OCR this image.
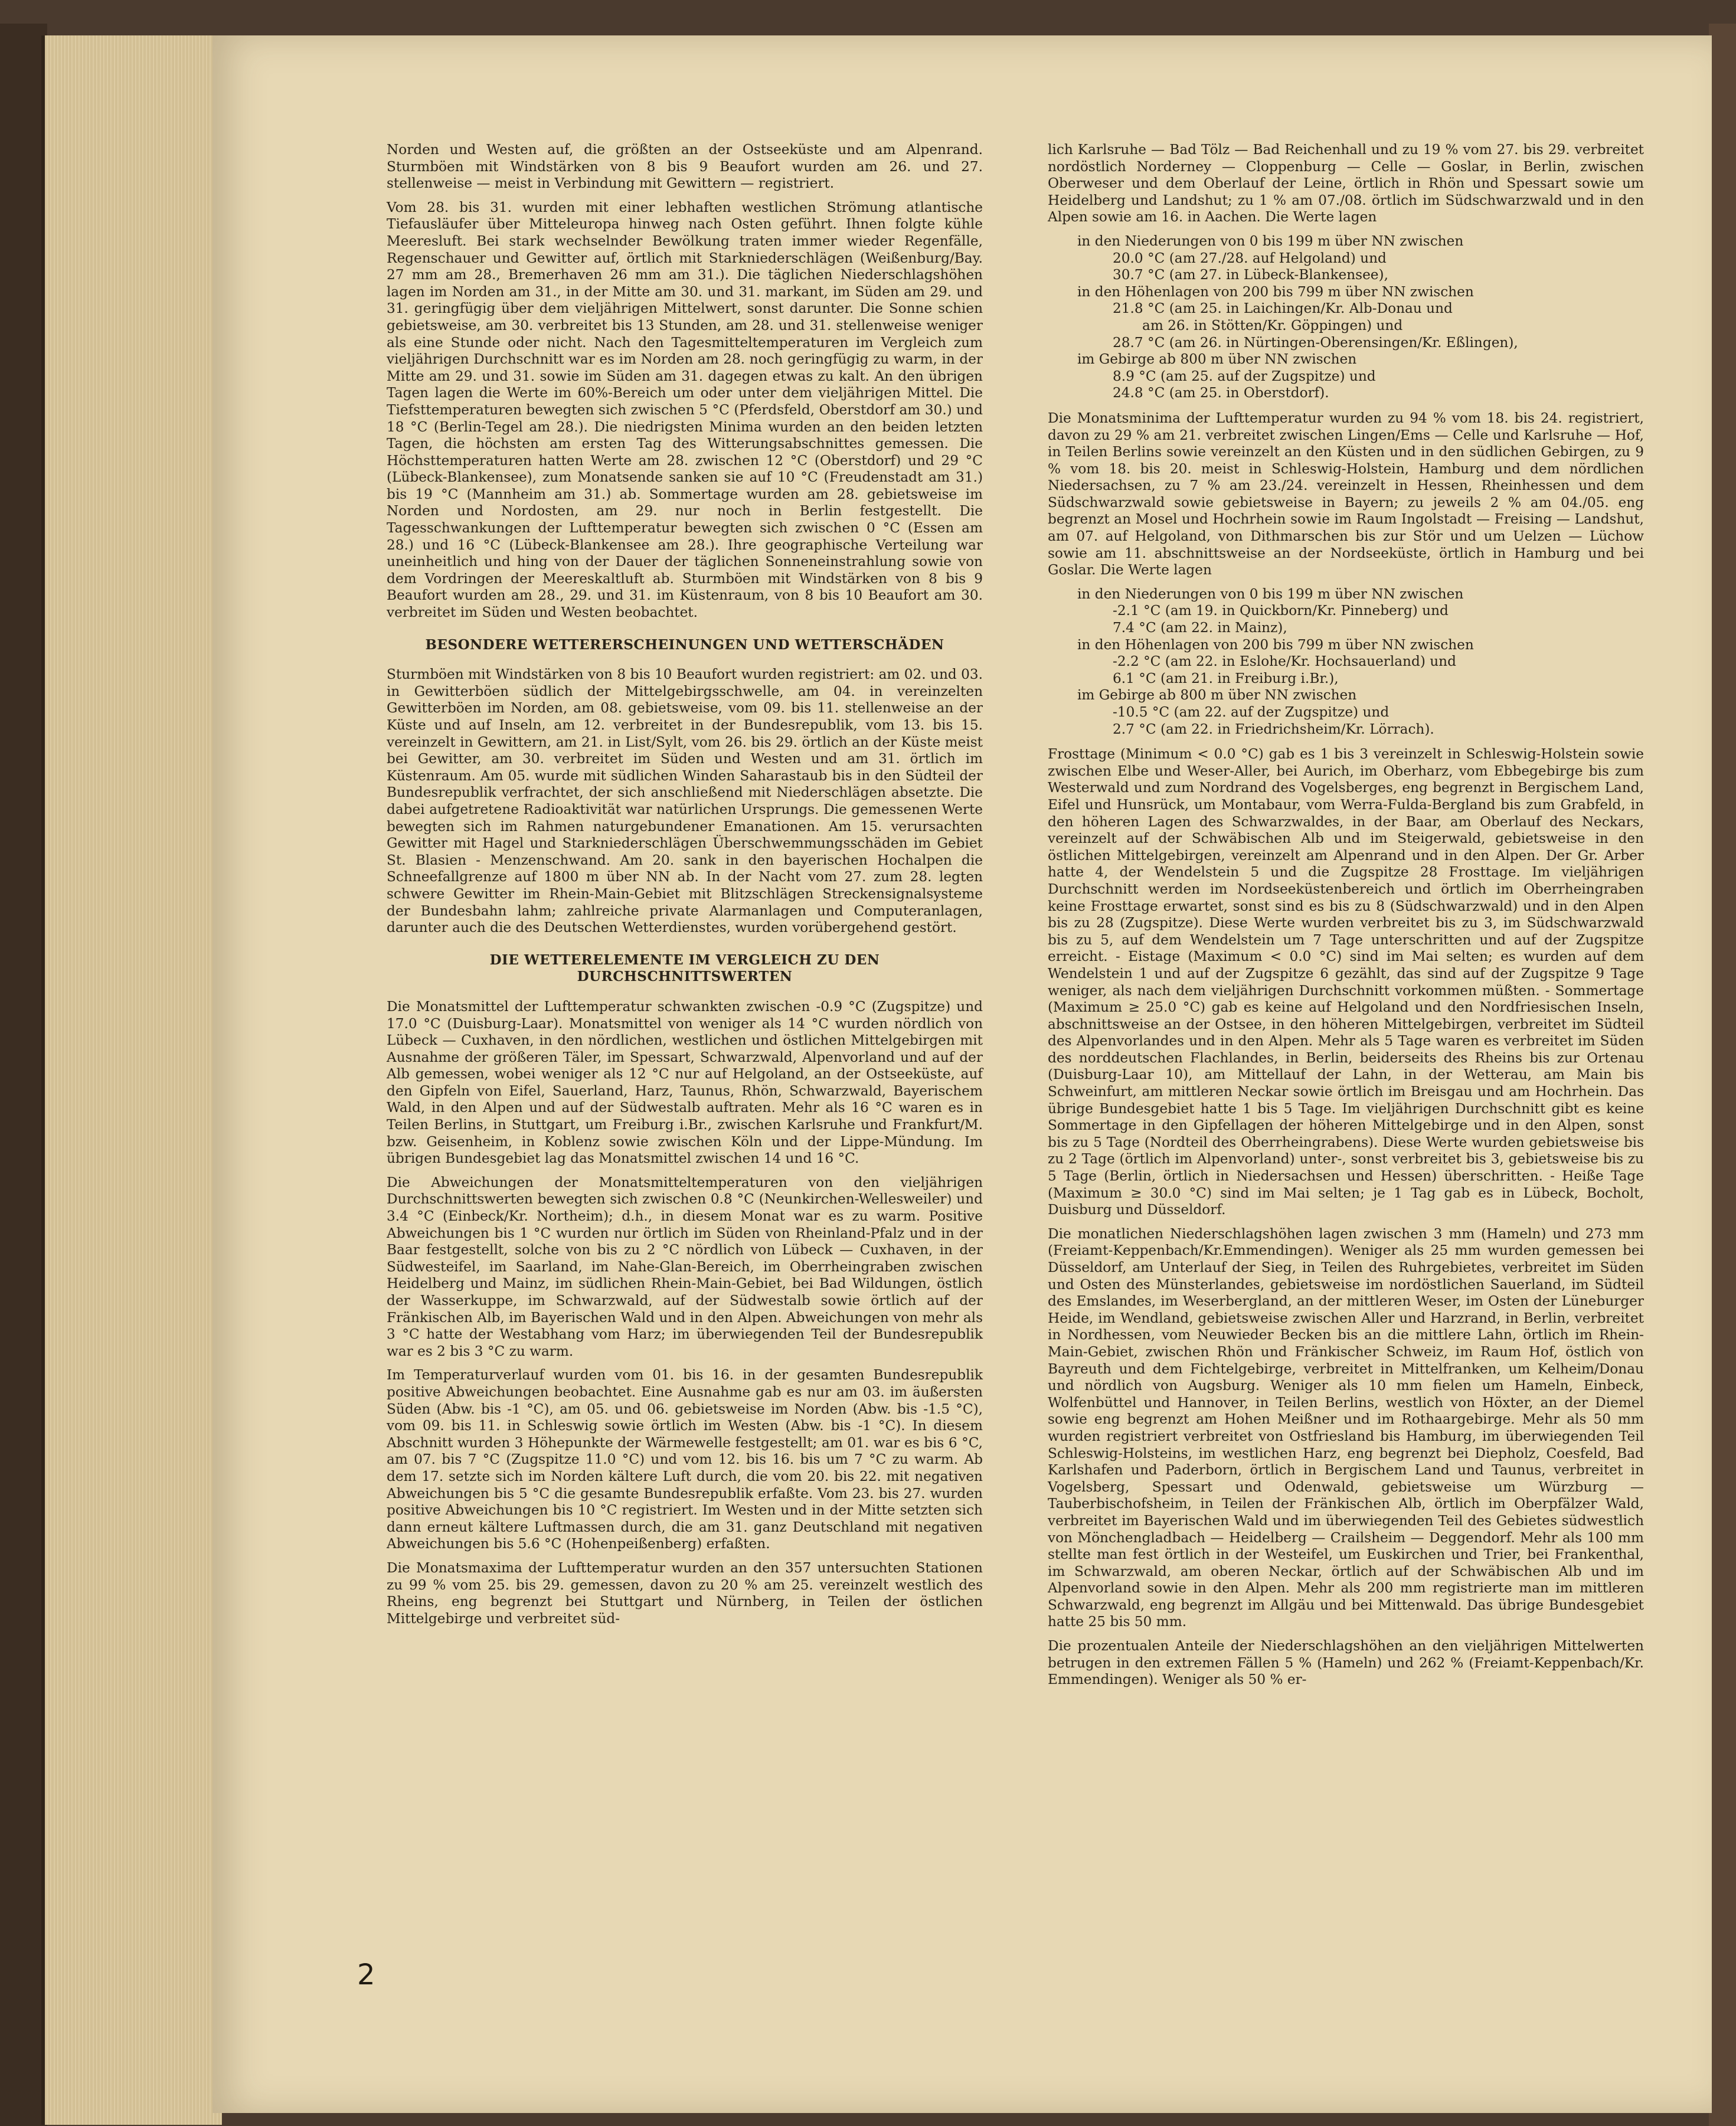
Norden und Westen auf, die größten an der Ostseeküste und am Alpenrand. Sturmböen mit Windstärken von 8 bis 9 Beaufort wurden am 26. und 27. stellenweise — meist in Verbindung mit Gewittern — registriert.

Vom 28. bis 31. wurden mit einer lebhaften westlichen Strömung atlantische Tiefausläufer über Mitteleuropa hinweg nach Osten geführt. Ihnen folgte kühle Meeresluft. Bei stark wechselnder Bewölkung traten immer wieder Regenfälle, Regenschauer und Gewitter auf, örtlich mit Starkniederschlägen (Weißenburg/Bay. 27 mm am 28., Bremerhaven 26 mm am 31.). Die täglichen Niederschlagshöhen lagen im Norden am 31., in der Mitte am 30. und 31. markant, im Süden am 29. und 31. geringfügig über dem vieljährigen Mittelwert, sonst darunter. Die Sonne schien gebietsweise, am 30. verbreitet bis 13 Stunden, am 28. und 31. stellenweise weniger als eine Stunde oder nicht. Nach den Tagesmitteltemperaturen im Vergleich zum vieljährigen Durchschnitt war es im Norden am 28. noch geringfügig zu warm, in der Mitte am 29. und 31. sowie im Süden am 31. dagegen etwas zu kalt. An den übrigen Tagen lagen die Werte im 60%-Bereich um oder unter dem vieljährigen Mittel. Die Tiefsttemperaturen bewegten sich zwischen 5 °C (Pferdsfeld, Oberstdorf am 30.) und 18 °C (Berlin-Tegel am 28.). Die niedrigsten Minima wurden an den beiden letzten Tagen, die höchsten am ersten Tag des Witterungsabschnittes gemessen. Die Höchsttemperaturen hatten Werte am 28. zwischen 12 °C (Oberstdorf) und 29 °C (Lübeck-Blankensee), zum Monatsende sanken sie auf 10 °C (Freudenstadt am 31.) bis 19 °C (Mannheim am 31.) ab. Sommertage wurden am 28. gebietsweise im Norden und Nordosten, am 29. nur noch in Berlin festgestellt. Die Tagesschwankungen der Lufttemperatur bewegten sich zwischen 0 °C (Essen am 28.) und 16 °C (Lübeck-Blankensee am 28.). Ihre geographische Verteilung war uneinheitlich und hing von der Dauer der täglichen Sonneneinstrahlung sowie von dem Vordringen der Meereskaltluft ab. Sturmböen mit Windstärken von 8 bis 9 Beaufort wurden am 28., 29. und 31. im Küstenraum, von 8 bis 10 Beaufort am 30. verbreitet im Süden und Westen beobachtet.

BESONDERE WETTERERSCHEINUNGEN UND WETTERSCHÄDEN

Sturmböen mit Windstärken von 8 bis 10 Beaufort wurden registriert: am 02. und 03. in Gewitterböen südlich der Mittelgebirgsschwelle, am 04. in vereinzelten Gewitterböen im Norden, am 08. gebietsweise, vom 09. bis 11. stellenweise an der Küste und auf Inseln, am 12. verbreitet in der Bundesrepublik, vom 13. bis 15. vereinzelt in Gewittern, am 21. in List/Sylt, vom 26. bis 29. örtlich an der Küste meist bei Gewitter, am 30. verbreitet im Süden und Westen und am 31. örtlich im Küstenraum. Am 05. wurde mit südlichen Winden Saharastaub bis in den Südteil der Bundesrepublik verfrachtet, der sich anschließend mit Niederschlägen absetzte. Die dabei aufgetretene Radioaktivität war natürlichen Ursprungs. Die gemessenen Werte bewegten sich im Rahmen naturgebundener Emanationen. Am 15. verursachten Gewitter mit Hagel und Starkniederschlägen Überschwemmungsschäden im Gebiet St. Blasien - Menzenschwand. Am 20. sank in den bayerischen Hochalpen die Schneefallgrenze auf 1800 m über NN ab. In der Nacht vom 27. zum 28. legten schwere Gewitter im Rhein-Main-Gebiet mit Blitzschlägen Streckensignalsysteme der Bundesbahn lahm; zahlreiche private Alarmanlagen und Computeranlagen, darunter auch die des Deutschen Wetterdienstes, wurden vorübergehend gestört.

DIE WETTERELEMENTE IM VERGLEICH ZU DEN DURCHSCHNITTSWERTEN

Die Monatsmittel der Lufttemperatur schwankten zwischen -0.9 °C (Zugspitze) und 17.0 °C (Duisburg-Laar). Monatsmittel von weniger als 14 °C wurden nördlich von Lübeck — Cuxhaven, in den nördlichen, westlichen und östlichen Mittelgebirgen mit Ausnahme der größeren Täler, im Spessart, Schwarzwald, Alpenvorland und auf der Alb gemessen, wobei weniger als 12 °C nur auf Helgoland, an der Ostseeküste, auf den Gipfeln von Eifel, Sauerland, Harz, Taunus, Rhön, Schwarzwald, Bayerischem Wald, in den Alpen und auf der Südwestalb auftraten. Mehr als 16 °C waren es in Teilen Berlins, in Stuttgart, um Freiburg i.Br., zwischen Karlsruhe und Frankfurt/M. bzw. Geisenheim, in Koblenz sowie zwischen Köln und der Lippe-Mündung. Im übrigen Bundesgebiet lag das Monatsmittel zwischen 14 und 16 °C.

Die Abweichungen der Monatsmitteltemperaturen von den vieljährigen Durchschnittswerten bewegten sich zwischen 0.8 °C (Neunkirchen-Wellesweiler) und 3.4 °C (Einbeck/Kr. Northeim); d.h., in diesem Monat war es zu warm. Positive Abweichungen bis 1 °C wurden nur örtlich im Süden von Rheinland-Pfalz und in der Baar festgestellt, solche von bis zu 2 °C nördlich von Lübeck — Cuxhaven, in der Südwesteifel, im Saarland, im Nahe-Glan-Bereich, im Oberrheingraben zwischen Heidelberg und Mainz, im südlichen Rhein-Main-Gebiet, bei Bad Wildungen, östlich der Wasserkuppe, im Schwarzwald, auf der Südwestalb sowie örtlich auf der Fränkischen Alb, im Bayerischen Wald und in den Alpen. Abweichungen von mehr als 3 °C hatte der Westabhang vom Harz; im überwiegenden Teil der Bundesrepublik war es 2 bis 3 °C zu warm.

Im Temperaturverlauf wurden vom 01. bis 16. in der gesamten Bundesrepublik positive Abweichungen beobachtet. Eine Ausnahme gab es nur am 03. im äußersten Süden (Abw. bis -1 °C), am 05. und 06. gebietsweise im Norden (Abw. bis -1.5 °C), vom 09. bis 11. in Schleswig sowie örtlich im Westen (Abw. bis -1 °C). In diesem Abschnitt wurden 3 Höhepunkte der Wärmewelle festgestellt; am 01. war es bis 6 °C, am 07. bis 7 °C (Zugspitze 11.0 °C) und vom 12. bis 16. bis um 7 °C zu warm. Ab dem 17. setzte sich im Norden kältere Luft durch, die vom 20. bis 22. mit negativen Abweichungen bis 5 °C die gesamte Bundesrepublik erfaßte. Vom 23. bis 27. wurden positive Abweichungen bis 10 °C registriert. Im Westen und in der Mitte setzten sich dann erneut kältere Luftmassen durch, die am 31. ganz Deutschland mit negativen Abweichungen bis 5.6 °C (Hohenpeißenberg) erfaßten.

Die Monatsmaxima der Lufttemperatur wurden an den 357 untersuchten Stationen zu 99 % vom 25. bis 29. gemessen, davon zu 20 % am 25. vereinzelt westlich des Rheins, eng begrenzt bei Stuttgart und Nürnberg, in Teilen der östlichen Mittelgebirge und verbreitet süd-

lich Karlsruhe — Bad Tölz — Bad Reichenhall und zu 19 % vom 27. bis 29. verbreitet nordöstlich Norderney — Cloppenburg — Celle — Goslar, in Berlin, zwischen Oberweser und dem Oberlauf der Leine, örtlich in Rhön und Spessart sowie um Heidelberg und Landshut; zu 1 % am 07./08. örtlich im Südschwarzwald und in den Alpen sowie am 16. in Aachen. Die Werte lagen

in den Niederungen von 0 bis 199 m über NN zwischen
20.0 °C (am 27./28. auf Helgoland) und
30.7 °C (am 27. in Lübeck-Blankensee),
in den Höhenlagen von 200 bis 799 m über NN zwischen
21.8 °C (am 25. in Laichingen/Kr. Alb-Donau und
am 26. in Stötten/Kr. Göppingen) und
28.7 °C (am 26. in Nürtingen-Oberensingen/Kr. Eßlingen),
im Gebirge ab 800 m über NN zwischen
8.9 °C (am 25. auf der Zugspitze) und
24.8 °C (am 25. in Oberstdorf).

Die Monatsminima der Lufttemperatur wurden zu 94 % vom 18. bis 24. registriert, davon zu 29 % am 21. verbreitet zwischen Lingen/Ems — Celle und Karlsruhe — Hof, in Teilen Berlins sowie vereinzelt an den Küsten und in den südlichen Gebirgen, zu 9 % vom 18. bis 20. meist in Schleswig-Holstein, Hamburg und dem nördlichen Niedersachsen, zu 7 % am 23./24. vereinzelt in Hessen, Rheinhessen und dem Südschwarzwald sowie gebietsweise in Bayern; zu jeweils 2 % am 04./05. eng begrenzt an Mosel und Hochrhein sowie im Raum Ingolstadt — Freising — Landshut, am 07. auf Helgoland, von Dithmarschen bis zur Stör und um Uelzen — Lüchow sowie am 11. abschnittsweise an der Nordseeküste, örtlich in Hamburg und bei Goslar. Die Werte lagen

in den Niederungen von 0 bis 199 m über NN zwischen
-2.1 °C (am 19. in Quickborn/Kr. Pinneberg) und
7.4 °C (am 22. in Mainz),
in den Höhenlagen von 200 bis 799 m über NN zwischen
-2.2 °C (am 22. in Eslohe/Kr. Hochsauerland) und
6.1 °C (am 21. in Freiburg i.Br.),
im Gebirge ab 800 m über NN zwischen
-10.5 °C (am 22. auf der Zugspitze) und
2.7 °C (am 22. in Friedrichsheim/Kr. Lörrach).

Frosttage (Minimum < 0.0 °C) gab es 1 bis 3 vereinzelt in Schleswig-Holstein sowie zwischen Elbe und Weser-Aller, bei Aurich, im Oberharz, vom Ebbegebirge bis zum Westerwald und zum Nordrand des Vogelsberges, eng begrenzt in Bergischem Land, Eifel und Hunsrück, um Montabaur, vom Werra-Fulda-Bergland bis zum Grabfeld, in den höheren Lagen des Schwarzwaldes, in der Baar, am Oberlauf des Neckars, vereinzelt auf der Schwäbischen Alb und im Steigerwald, gebietsweise in den östlichen Mittelgebirgen, vereinzelt am Alpenrand und in den Alpen. Der Gr. Arber hatte 4, der Wendelstein 5 und die Zugspitze 28 Frosttage. Im vieljährigen Durchschnitt werden im Nordseeküstenbereich und örtlich im Oberrheingraben keine Frosttage erwartet, sonst sind es bis zu 8 (Südschwarzwald) und in den Alpen bis zu 28 (Zugspitze). Diese Werte wurden verbreitet bis zu 3, im Südschwarzwald bis zu 5, auf dem Wendelstein um 7 Tage unterschritten und auf der Zugspitze erreicht. - Eistage (Maximum < 0.0 °C) sind im Mai selten; es wurden auf dem Wendelstein 1 und auf der Zugspitze 6 gezählt, das sind auf der Zugspitze 9 Tage weniger, als nach dem vieljährigen Durchschnitt vorkommen müßten. - Sommertage (Maximum ≥ 25.0 °C) gab es keine auf Helgoland und den Nordfriesischen Inseln, abschnittsweise an der Ostsee, in den höheren Mittelgebirgen, verbreitet im Südteil des Alpenvorlandes und in den Alpen. Mehr als 5 Tage waren es verbreitet im Süden des norddeutschen Flachlandes, in Berlin, beiderseits des Rheins bis zur Ortenau (Duisburg-Laar 10), am Mittellauf der Lahn, in der Wetterau, am Main bis Schweinfurt, am mittleren Neckar sowie örtlich im Breisgau und am Hochrhein. Das übrige Bundesgebiet hatte 1 bis 5 Tage. Im vieljährigen Durchschnitt gibt es keine Sommertage in den Gipfellagen der höheren Mittelgebirge und in den Alpen, sonst bis zu 5 Tage (Nordteil des Oberrheingrabens). Diese Werte wurden gebietsweise bis zu 2 Tage (örtlich im Alpenvorland) unter-, sonst verbreitet bis 3, gebietsweise bis zu 5 Tage (Berlin, örtlich in Niedersachsen und Hessen) überschritten. - Heiße Tage (Maximum ≥ 30.0 °C) sind im Mai selten; je 1 Tag gab es in Lübeck, Bocholt, Duisburg und Düsseldorf.

Die monatlichen Niederschlagshöhen lagen zwischen 3 mm (Hameln) und 273 mm (Freiamt-Keppenbach/Kr.Emmendingen). Weniger als 25 mm wurden gemessen bei Düsseldorf, am Unterlauf der Sieg, in Teilen des Ruhrgebietes, verbreitet im Süden und Osten des Münsterlandes, gebietsweise im nordöstlichen Sauerland, im Südteil des Emslandes, im Weserbergland, an der mittleren Weser, im Osten der Lüneburger Heide, im Wendland, gebietsweise zwischen Aller und Harzrand, in Berlin, verbreitet in Nordhessen, vom Neuwieder Becken bis an die mittlere Lahn, örtlich im Rhein-Main-Gebiet, zwischen Rhön und Fränkischer Schweiz, im Raum Hof, östlich von Bayreuth und dem Fichtelgebirge, verbreitet in Mittelfranken, um Kelheim/Donau und nördlich von Augsburg. Weniger als 10 mm fielen um Hameln, Einbeck, Wolfenbüttel und Hannover, in Teilen Berlins, westlich von Höxter, an der Diemel sowie eng begrenzt am Hohen Meißner und im Rothaargebirge. Mehr als 50 mm wurden registriert verbreitet von Ostfriesland bis Hamburg, im überwiegenden Teil Schleswig-Holsteins, im westlichen Harz, eng begrenzt bei Diepholz, Coesfeld, Bad Karlshafen und Paderborn, örtlich in Bergischem Land und Taunus, verbreitet in Vogelsberg, Spessart und Odenwald, gebietsweise um Würzburg — Tauberbischofsheim, in Teilen der Fränkischen Alb, örtlich im Oberpfälzer Wald, verbreitet im Bayerischen Wald und im überwiegenden Teil des Gebietes südwestlich von Mönchengladbach — Heidelberg — Crailsheim — Deggendorf. Mehr als 100 mm stellte man fest örtlich in der Westeifel, um Euskirchen und Trier, bei Frankenthal, im Schwarzwald, am oberen Neckar, örtlich auf der Schwäbischen Alb und im Alpenvorland sowie in den Alpen. Mehr als 200 mm registrierte man im mittleren Schwarzwald, eng begrenzt im Allgäu und bei Mittenwald. Das übrige Bundesgebiet hatte 25 bis 50 mm.

Die prozentualen Anteile der Niederschlagshöhen an den vieljährigen Mittelwerten betrugen in den extremen Fällen 5 % (Hameln) und 262 % (Freiamt-Keppenbach/Kr. Emmendingen). Weniger als 50 % er-

2
